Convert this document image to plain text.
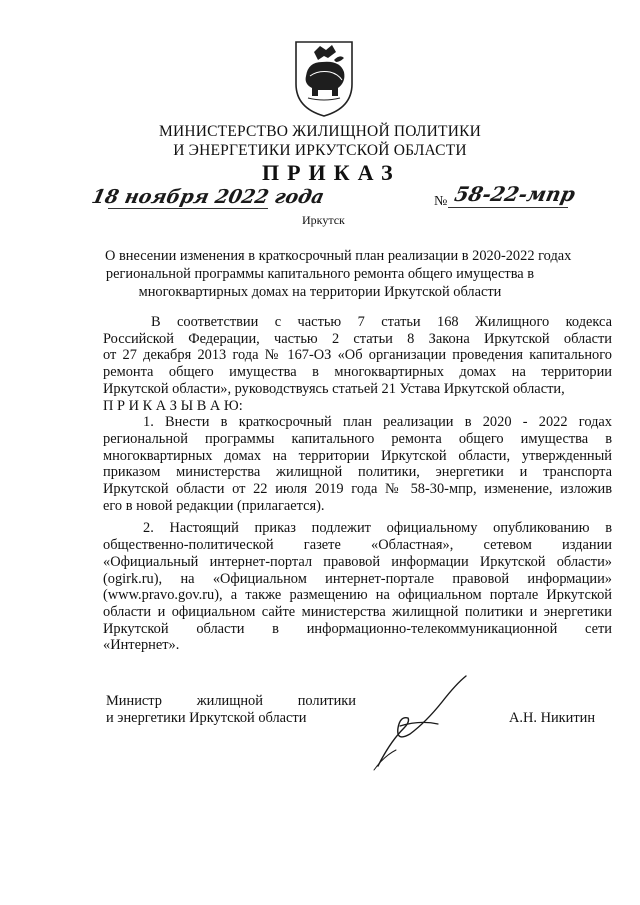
МИНИСТЕРСТВО ЖИЛИЩНОЙ ПОЛИТИКИ
И ЭНЕРГЕТИКИ ИРКУТСКОЙ ОБЛАСТИ
ПРИКАЗ
18 ноября 2022 года	№ 58-22-мпр
Иркутск
О внесении изменения в краткосрочный план реализации в 2020-2022 годах
региональной программы капитального ремонта общего имущества в
многоквартирных домах на территории Иркутской области
В соответствии с частью 7 статьи 168 Жилищного кодекса
Российской Федерации, частью 2 статьи 8 Закона Иркутской области
от 27 декабря 2013 года № 167-ОЗ «Об организации проведения капитального
ремонта общего имущества в многоквартирных домах на территории
Иркутской области», руководствуясь статьей 21 Устава Иркутской области,
П Р И К А З Ы В А Ю:
1. Внести в краткосрочный план реализации в 2020 - 2022 годах
региональной программы капитального ремонта общего имущества в
многоквартирных домах на территории Иркутской области, утвержденный
приказом министерства жилищной политики, энергетики и транспорта
Иркутской области от 22 июля 2019 года № 58-30-мпр, изменение, изложив
его в новой редакции (прилагается).
2. Настоящий приказ подлежит официальному опубликованию в
общественно-политической газете «Областная», сетевом издании
«Официальный интернет-портал правовой информации Иркутской области»
(ogirk.ru), на «Официальном интернет-портале правовой информации»
(www.pravo.gov.ru), а также размещению на официальном портале Иркутской
области и официальном сайте министерства жилищной политики и энергетики
Иркутской области в информационно-телекоммуникационной сети
«Интернет».
Министр жилищной политики
и энергетики Иркутской области	А.Н. Никитин
